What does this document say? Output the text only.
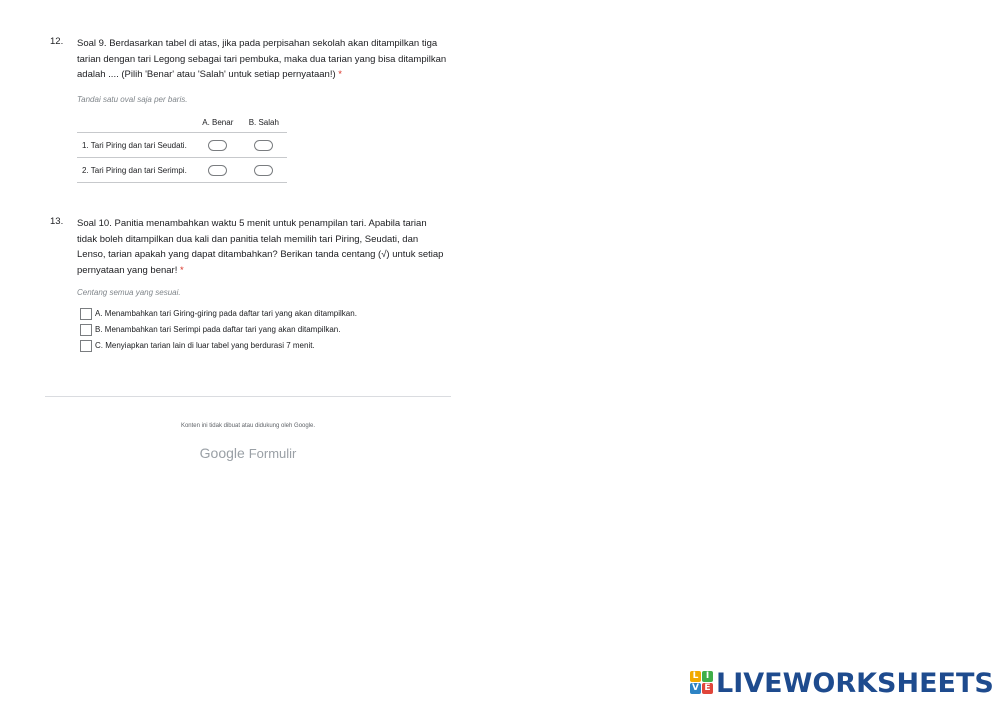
12.	Soal 9. Berdasarkan tabel di atas, jika pada perpisahan sekolah akan ditampilkan tiga tarian dengan tari Legong sebagai tari pembuka, maka dua tarian yang bisa ditampilkan adalah .... (Pilih 'Benar' atau 'Salah' untuk setiap pernyataan!) *
Tandai satu oval saja per baris.
	A. Benar	B. Salah
1. Tari Piring dan tari Seudati.		
2. Tari Piring dan tari Serimpi.		
13.	Soal 10. Panitia menambahkan waktu 5 menit untuk penampilan tari. Apabila tarian tidak boleh ditampilkan dua kali dan panitia telah memilih tari Piring, Seudati, dan Lenso, tarian apakah yang dapat ditambahkan? Berikan tanda centang (√) untuk setiap pernyataan yang benar! *
Centang semua yang sesuai.
A. Menambahkan tari Giring-giring pada daftar tari yang akan ditampilkan.
B. Menambahkan tari Serimpi pada daftar tari yang akan ditampilkan.
C. Menyiapkan tarian lain di luar tabel yang berdurasi 7 menit.
Konten ini tidak dibuat atau didukung oleh Google.
Google Formulir
L I
V E LIVEWORKSHEETS
